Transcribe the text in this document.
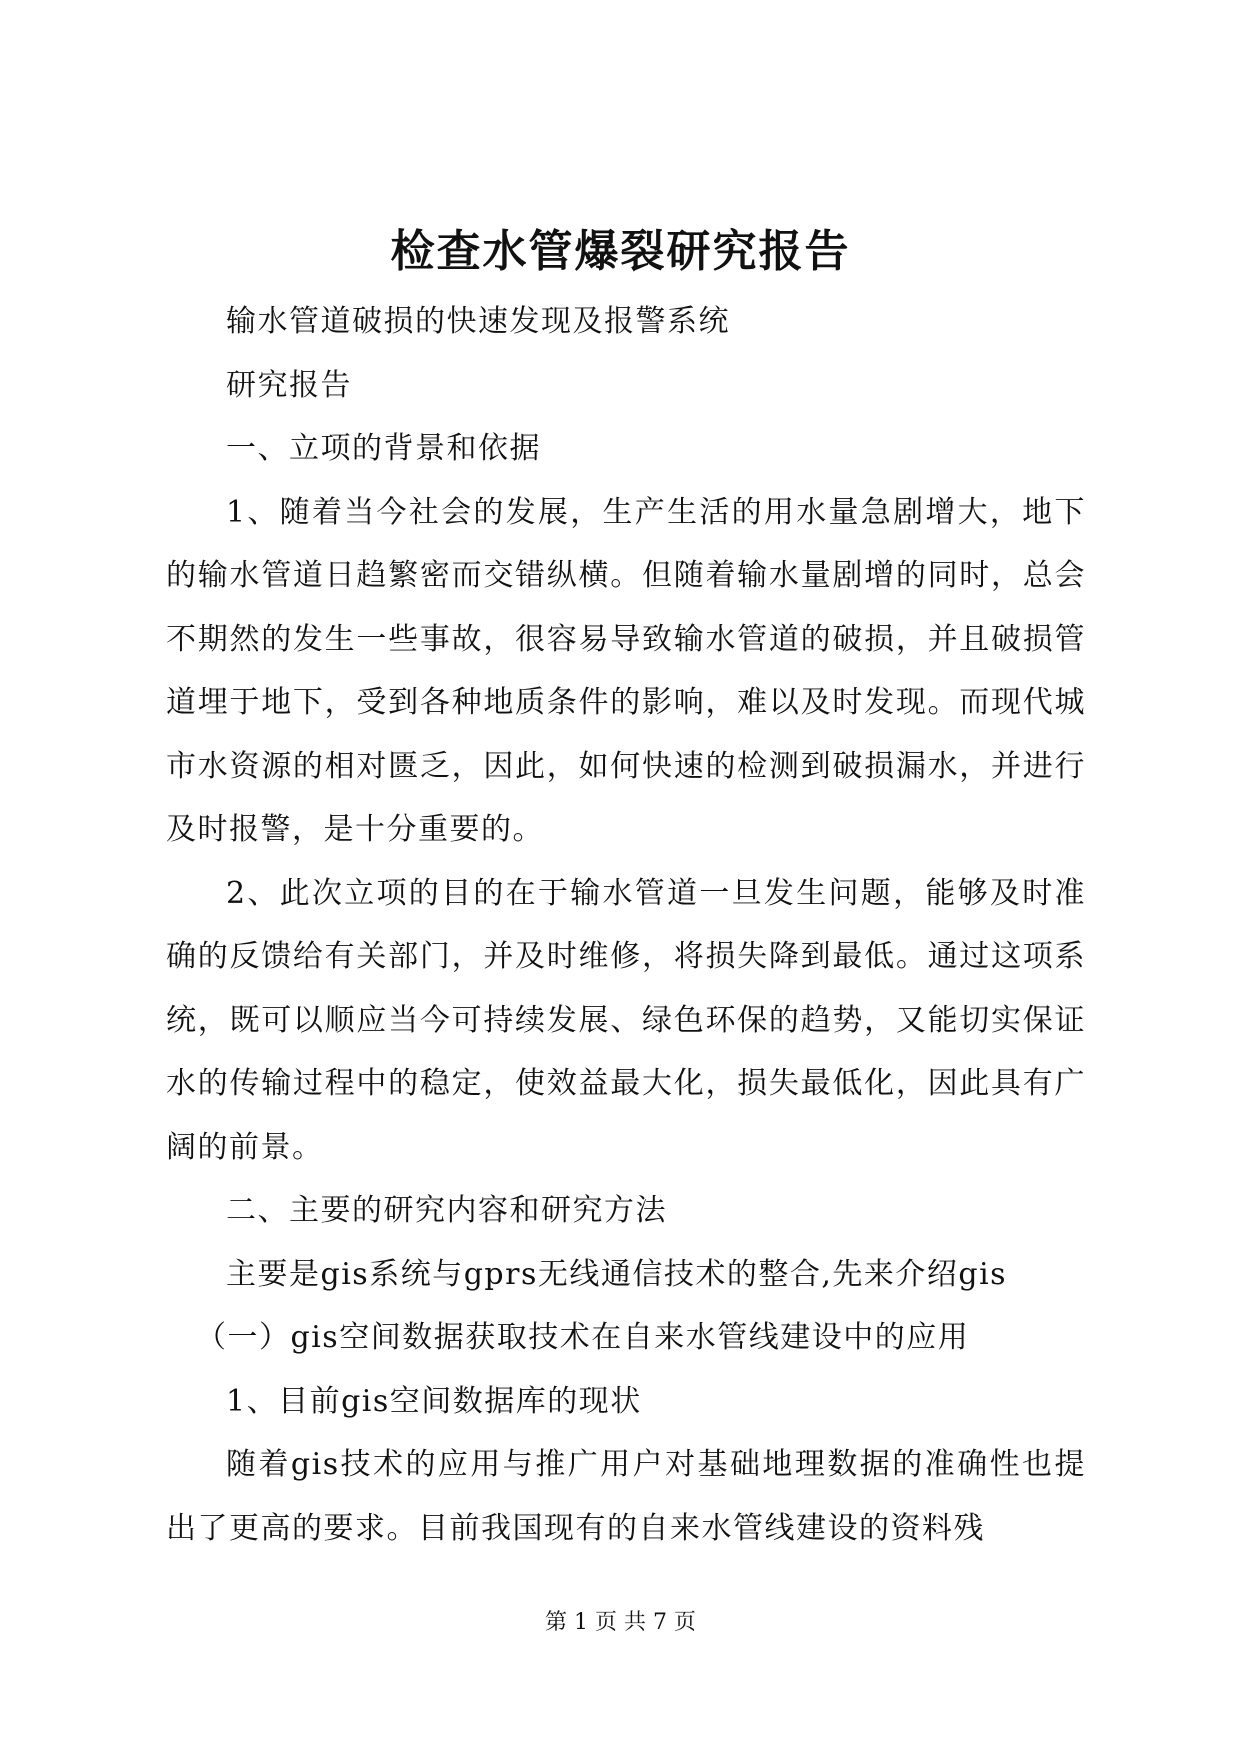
检查水管爆裂研究报告

输水管道破损的快速发现及报警系统

研究报告

一、立项的背景和依据

1、随着当今社会的发展，生产生活的用水量急剧增大，地下的输水管道日趋繁密而交错纵横。但随着输水量剧增的同时，总会不期然的发生一些事故，很容易导致输水管道的破损，并且破损管道埋于地下，受到各种地质条件的影响，难以及时发现。而现代城市水资源的相对匮乏，因此，如何快速的检测到破损漏水，并进行及时报警，是十分重要的。

2、此次立项的目的在于输水管道一旦发生问题，能够及时准确的反馈给有关部门，并及时维修，将损失降到最低。通过这项系统，既可以顺应当今可持续发展、绿色环保的趋势，又能切实保证水的传输过程中的稳定，使效益最大化，损失最低化，因此具有广阔的前景。

二、主要的研究内容和研究方法

主要是gis系统与gprs无线通信技术的整合,先来介绍gis

（一）gis空间数据获取技术在自来水管线建设中的应用

1、目前gis空间数据库的现状

随着gis技术的应用与推广用户对基础地理数据的准确性也提出了更高的要求。目前我国现有的自来水管线建设的资料残

第 1 页 共 7 页
